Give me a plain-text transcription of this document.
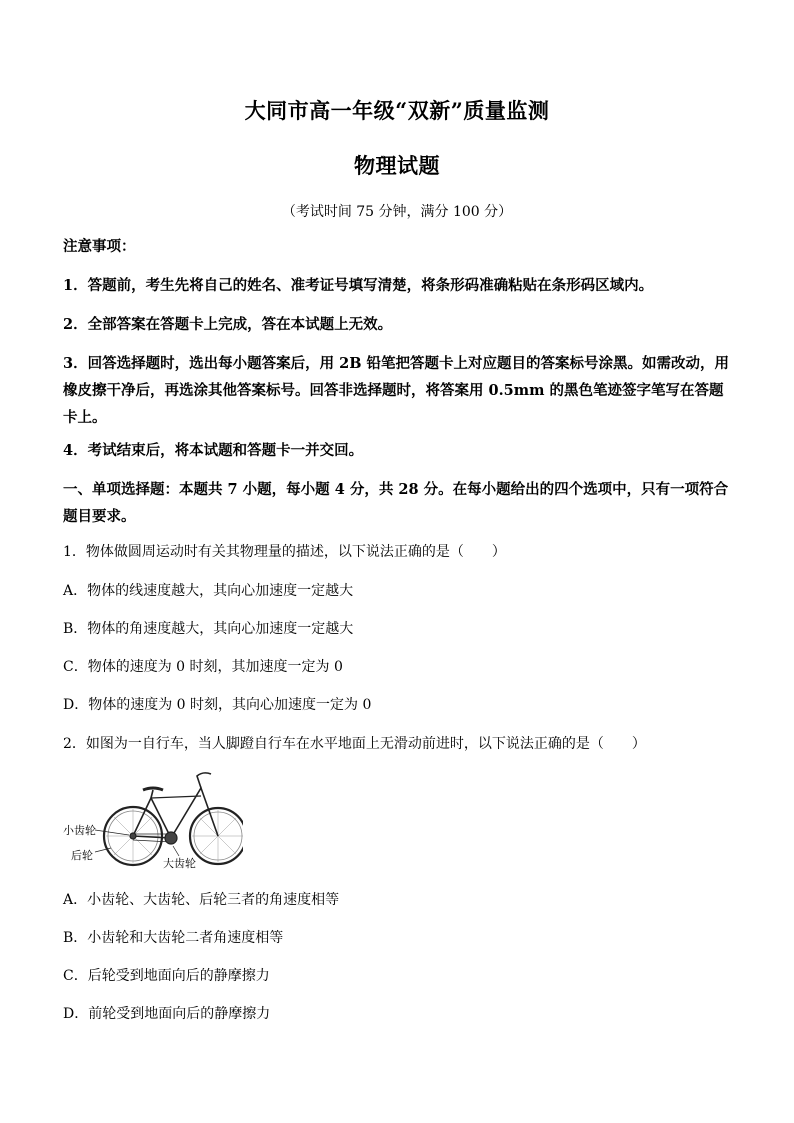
大同市高一年级“双新”质量监测
物理试题
（考试时间 75 分钟，满分 100 分）
注意事项：
1．答题前，考生先将自己的姓名、准考证号填写清楚，将条形码准确粘贴在条形码区域内。
2．全部答案在答题卡上完成，答在本试题上无效。
3．回答选择题时，选出每小题答案后，用 2B 铅笔把答题卡上对应题目的答案标号涂黑。如需改动，用橡皮擦干净后，再选涂其他答案标号。回答非选择题时，将答案用 0.5mm 的黑色笔迹签字笔写在答题卡上。
4．考试结束后，将本试题和答题卡一并交回。
一、单项选择题：本题共 7 小题，每小题 4 分，共 28 分。在每小题给出的四个选项中，只有一项符合题目要求。
1．物体做圆周运动时有关其物理量的描述，以下说法正确的是（　　）
A．物体的线速度越大，其向心加速度一定越大
B．物体的角速度越大，其向心加速度一定越大
C．物体的速度为 0 时刻，其加速度一定为 0
D．物体的速度为 0 时刻，其向心加速度一定为 0
2．如图为一自行车，当人脚蹬自行车在水平地面上无滑动前进时，以下说法正确的是（　　）
小齿轮
后轮
大齿轮
A．小齿轮、大齿轮、后轮三者的角速度相等
B．小齿轮和大齿轮二者角速度相等
C．后轮受到地面向后的静摩擦力
D．前轮受到地面向后的静摩擦力
